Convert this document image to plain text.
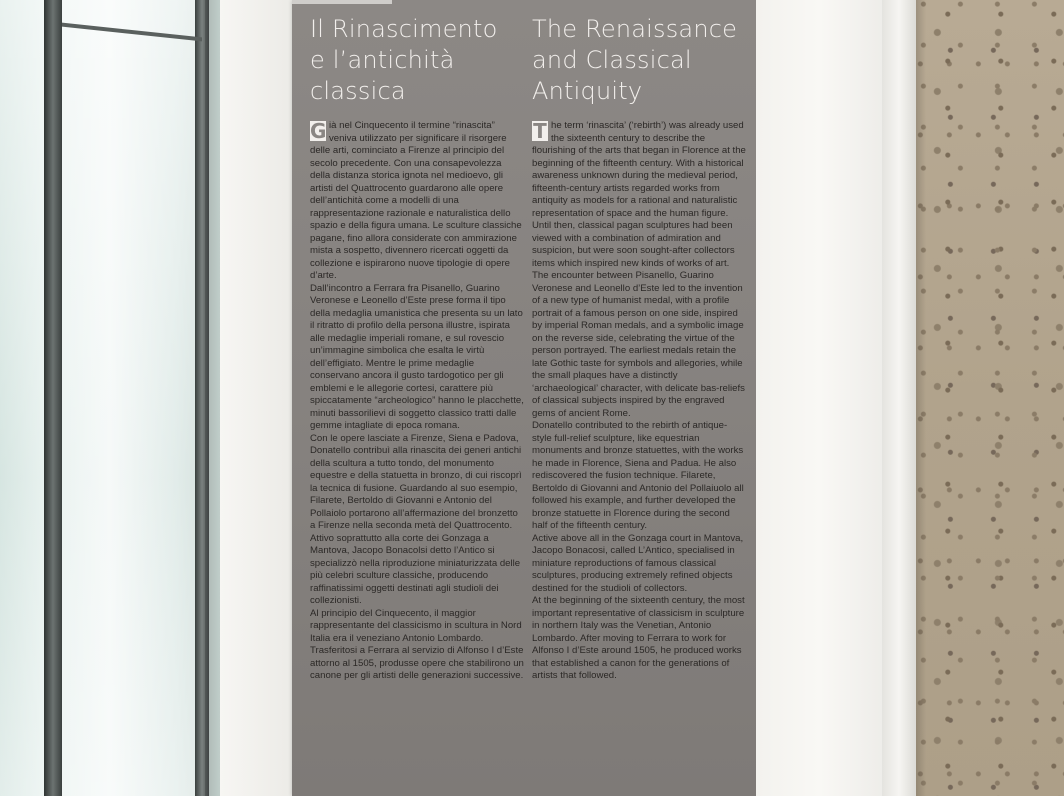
Il Rinascimento
e l’antichità
classica
G ià nel Cinquecento il termine “rinascita” veniva utilizzato per significare il risorgere delle arti, cominciato a Firenze al principio del secolo precedente. Con una consapevolezza della distanza storica ignota nel medioevo, gli artisti del Quattrocento guardarono alle opere dell’antichità come a modelli di una rappresentazione razionale e naturalistica dello spazio e della figura umana. Le sculture classiche pagane, fino allora considerate con ammirazione mista a sospetto, divennero ricercati oggetti da collezione e ispirarono nuove tipologie di opere d’arte.

Dall’incontro a Ferrara fra Pisanello, Guarino Veronese e Leonello d’Este prese forma il tipo della medaglia umanistica che presenta su un lato il ritratto di profilo della persona illustre, ispirata alle medaglie imperiali romane, e sul rovescio un’immagine simbolica che esalta le virtù dell’effigiato. Mentre le prime medaglie conservano ancora il gusto tardogotico per gli emblemi e le allegorie cortesi, carattere più spiccatamente “archeologico” hanno le placchette, minuti bassorilievi di soggetto classico tratti dalle gemme intagliate di epoca romana.

Con le opere lasciate a Firenze, Siena e Padova, Donatello contribuì alla rinascita dei generi antichi della scultura a tutto tondo, del monumento equestre e della statuetta in bronzo, di cui riscoprì la tecnica di fusione. Guardando al suo esempio, Filarete, Bertoldo di Giovanni e Antonio del Pollaiolo portarono all’affermazione del bronzetto a Firenze nella seconda metà del Quattrocento.

Attivo soprattutto alla corte dei Gonzaga a Mantova, Jacopo Bonacolsi detto l’Antico si specializzò nella riproduzione miniaturizzata delle più celebri sculture classiche, producendo raffinatissimi oggetti destinati agli studioli dei collezionisti.

Al principio del Cinquecento, il maggior rappresentante del classicismo in scultura in Nord Italia era il veneziano Antonio Lombardo. Trasferitosi a Ferrara al servizio di Alfonso I d’Este attorno al 1505, produsse opere che stabilirono un canone per gli artisti delle generazioni successive.

The Renaissance
and Classical
Antiquity
T he term ‘rinascita’ (‘rebirth’) was already used the sixteenth century to describe the flourishing of the arts that began in Florence at the beginning of the fifteenth century. With a historical awareness unknown during the medieval period, fifteenth-century artists regarded works from antiquity as models for a rational and naturalistic representation of space and the human figure. Until then, classical pagan sculptures had been viewed with a combination of admiration and suspicion, but were soon sought-after collectors items which inspired new kinds of works of art.

The encounter between Pisanello, Guarino Veronese and Leonello d’Este led to the invention of a new type of humanist medal, with a profile portrait of a famous person on one side, inspired by imperial Roman medals, and a symbolic image on the reverse side, celebrating the virtue of the person portrayed. The earliest medals retain the late Gothic taste for symbols and allegories, while the small plaques have a distinctly ‘archaeological’ character, with delicate bas-reliefs of classical subjects inspired by the engraved gems of ancient Rome.

Donatello contributed to the rebirth of antique-style full-relief sculpture, like equestrian monuments and bronze statuettes, with the works he made in Florence, Siena and Padua. He also rediscovered the fusion technique. Filarete, Bertoldo di Giovanni and Antonio del Pollaiuolo all followed his example, and further developed the bronze statuette in Florence during the second half of the fifteenth century.

Active above all in the Gonzaga court in Mantova, Jacopo Bonacosi, called L’Antico, specialised in miniature reproductions of famous classical sculptures, producing extremely refined objects destined for the studioli of collectors.

At the beginning of the sixteenth century, the most important representative of classicism in sculpture in northern Italy was the Venetian, Antonio Lombardo. After moving to Ferrara to work for Alfonso I d’Este around 1505, he produced works that established a canon for the generations of artists that followed.
